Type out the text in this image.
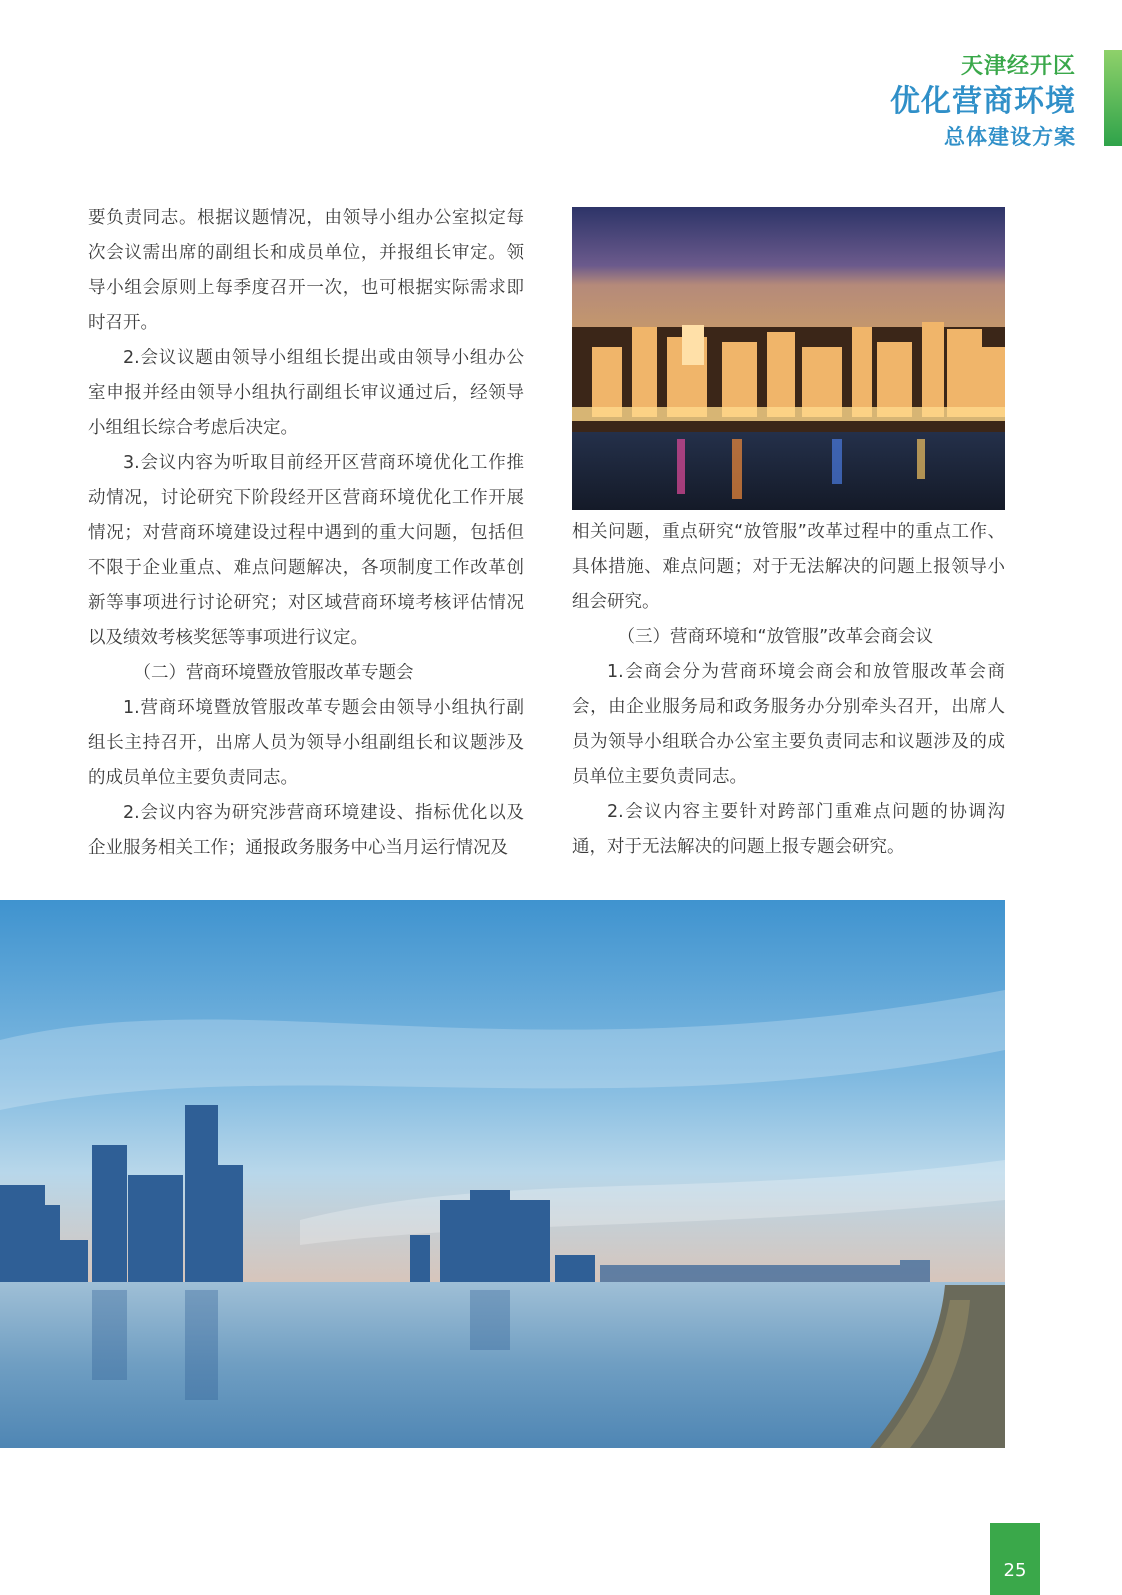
天津经开区
优化营商环境
总体建设方案

要负责同志。根据议题情况，由领导小组办公室拟定每次会议需出席的副组长和成员单位，并报组长审定。领导小组会原则上每季度召开一次，也可根据实际需求即时召开。

2.会议议题由领导小组组长提出或由领导小组办公室申报并经由领导小组执行副组长审议通过后，经领导小组组长综合考虑后决定。

3.会议内容为听取目前经开区营商环境优化工作推动情况，讨论研究下阶段经开区营商环境优化工作开展情况；对营商环境建设过程中遇到的重大问题，包括但不限于企业重点、难点问题解决，各项制度工作改革创新等事项进行讨论研究；对区域营商环境考核评估情况以及绩效考核奖惩等事项进行议定。

（二）营商环境暨放管服改革专题会

1.营商环境暨放管服改革专题会由领导小组执行副组长主持召开，出席人员为领导小组副组长和议题涉及的成员单位主要负责同志。

2.会议内容为研究涉营商环境建设、指标优化以及企业服务相关工作；通报政务服务中心当月运行情况及

相关问题，重点研究“放管服”改革过程中的重点工作、具体措施、难点问题；对于无法解决的问题上报领导小组会研究。

（三）营商环境和“放管服”改革会商会议

1.会商会分为营商环境会商会和放管服改革会商会，由企业服务局和政务服务办分别牵头召开，出席人员为领导小组联合办公室主要负责同志和议题涉及的成员单位主要负责同志。

2.会议内容主要针对跨部门重难点问题的协调沟通，对于无法解决的问题上报专题会研究。

25
